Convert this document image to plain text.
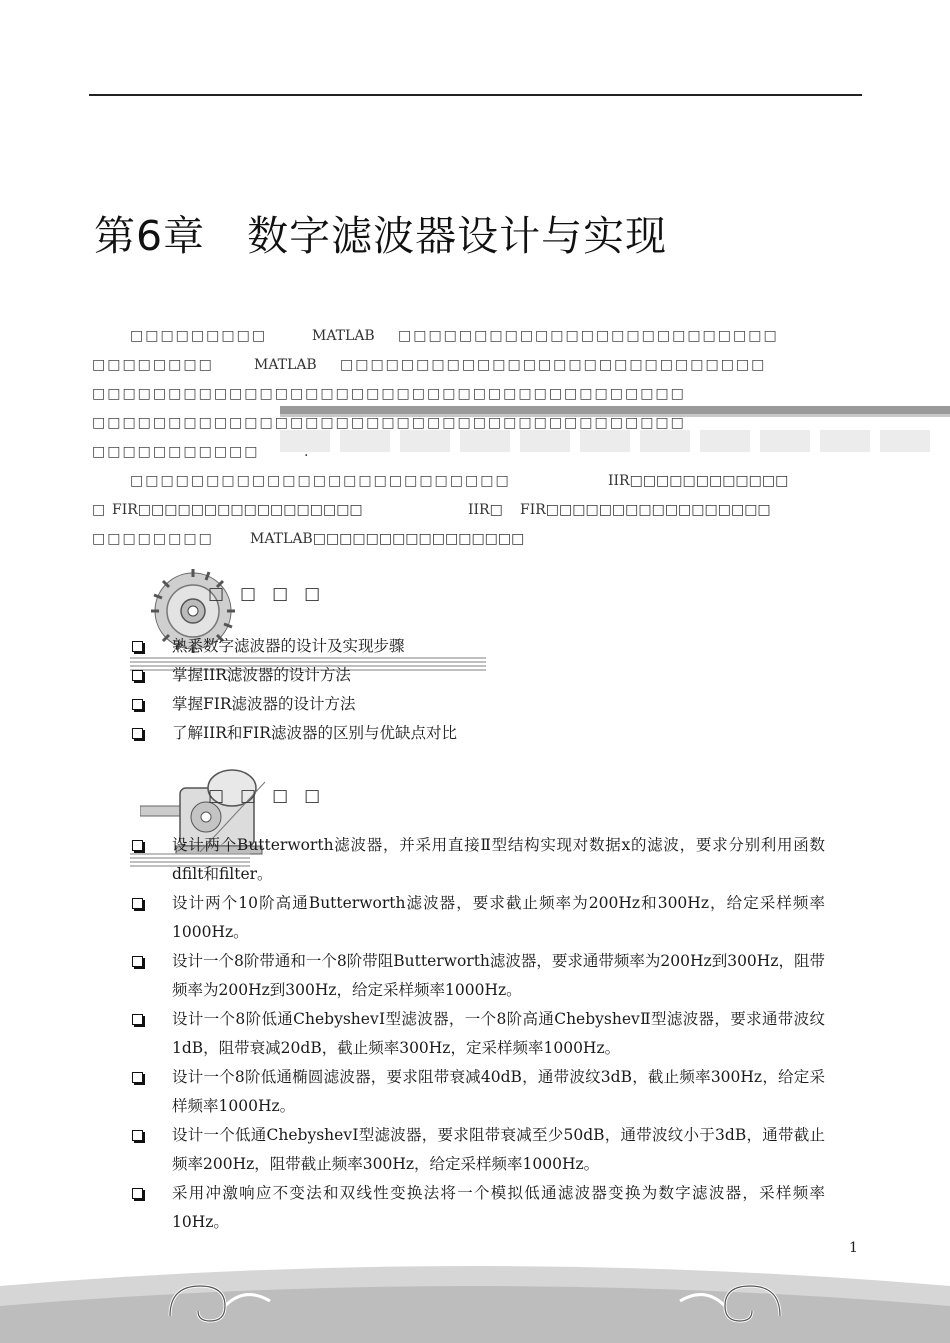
第6章　数字滤波器设计与实现
□□□□□□□□□	MATLAB □□□□□□□□□□□□□□□□□□□□□□□□□
□□□□□□□□	MATLAB □□□□□□□□□□□□□□□□□□□□□□□□□□□□
□□□□□□□□□□□□□□□□□□□□□□□□□□□□□□□□□□□□□□□
□□□□□□□□□□□□□□□□□□□□□□□□□□□□□□□□□□□□□□□
□□□□□□□□□□□	.
□□□□□□□□□□□□□□□□□□□□□□□□□	IIR□□□□□□□□□□□□
□ FIR□□□□□□□□□□□□□□□□□	IIR□ FIR□□□□□□□□□□□□□□□□□
□□□□□□□□	MATLAB□□□□□□□□□□□□□□□□
□□□□
熟悉数字滤波器的设计及实现步骤
掌握IIR滤波器的设计方法
掌握FIR滤波器的设计方法
了解IIR和FIR滤波器的区别与优缺点对比
□□□□
设计两个Butterworth滤波器，并采用直接Ⅱ型结构实现对数据x的滤波，要求分别利用函数dfilt和filter。
设计两个10阶高通Butterworth滤波器，要求截止频率为200Hz和300Hz，给定采样频率1000Hz。
设计一个8阶带通和一个8阶带阻Butterworth滤波器，要求通带频率为200Hz到300Hz，阻带频率为200Hz到300Hz，给定采样频率1000Hz。
设计一个8阶低通ChebyshevⅠ型滤波器，一个8阶高通ChebyshevⅡ型滤波器，要求通带波纹1dB，阻带衰减20dB，截止频率300Hz，定采样频率1000Hz。
设计一个8阶低通椭圆滤波器，要求阻带衰减40dB，通带波纹3dB，截止频率300Hz，给定采样频率1000Hz。
设计一个低通ChebyshevⅠ型滤波器，要求阻带衰减至少50dB，通带波纹小于3dB，通带截止频率200Hz，阻带截止频率300Hz，给定采样频率1000Hz。
采用冲激响应不变法和双线性变换法将一个模拟低通滤波器变换为数字滤波器，采样频率10Hz。
1
